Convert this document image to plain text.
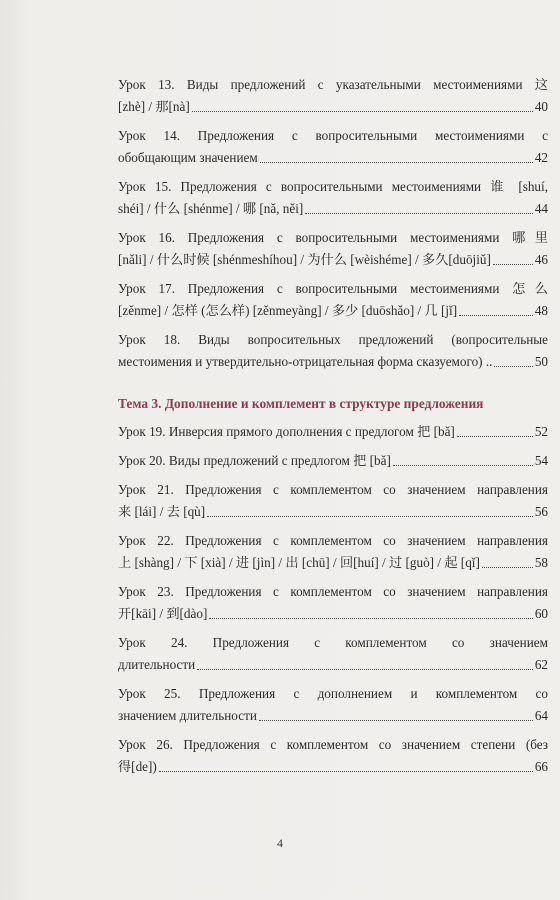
Урок 13. Виды предложений с указательными местоимениями 这
[zhè] / 那[nà]	40
Урок 14. Предложения с вопросительными местоимениями с
обобщающим значением	42
Урок 15. Предложения с вопросительными местоимениями 谁 [shuí,
shéi] / 什么 [shénme] / 哪 [nǎ, něi]	44
Урок 16. Предложения с вопросительными местоимениями 哪里
[nǎli] / 什么时候 [shénmeshíhou] / 为什么 [wèishéme] / 多久[duōjiǔ]	46
Урок 17. Предложения с вопросительными местоимениями 怎么
[zěnme] / 怎样 (怎么样) [zěnmeyàng] / 多少 [duōshǎo] / 几 [jǐ]	48
Урок 18. Виды вопросительных предложений (вопросительные
местоимения и утвердительно-отрицательная форма сказуемого) ..	50
Тема 3. Дополнение и комплемент в структуре предложения
Урок 19. Инверсия прямого дополнения с предлогом 把 [bǎ]	52
Урок 20. Виды предложений с предлогом 把 [bǎ]	54
Урок 21. Предложения с комплементом со значением направления
来 [lái] / 去 [qù]	56
Урок 22. Предложения с комплементом со значением направления
上 [shàng] / 下 [xià] / 进 [jìn] / 出 [chū] / 回[huí] / 过 [guò] / 起 [qǐ]	58
Урок 23. Предложения с комплементом со значением направления
开[kāi] / 到[dào]	60
Урок 24. Предложения с комплементом со значением
длительности	62
Урок 25. Предложения с дополнением и комплементом со
значением длительности	64
Урок 26. Предложения с комплементом со значением степени (без
得[de])	66
4
